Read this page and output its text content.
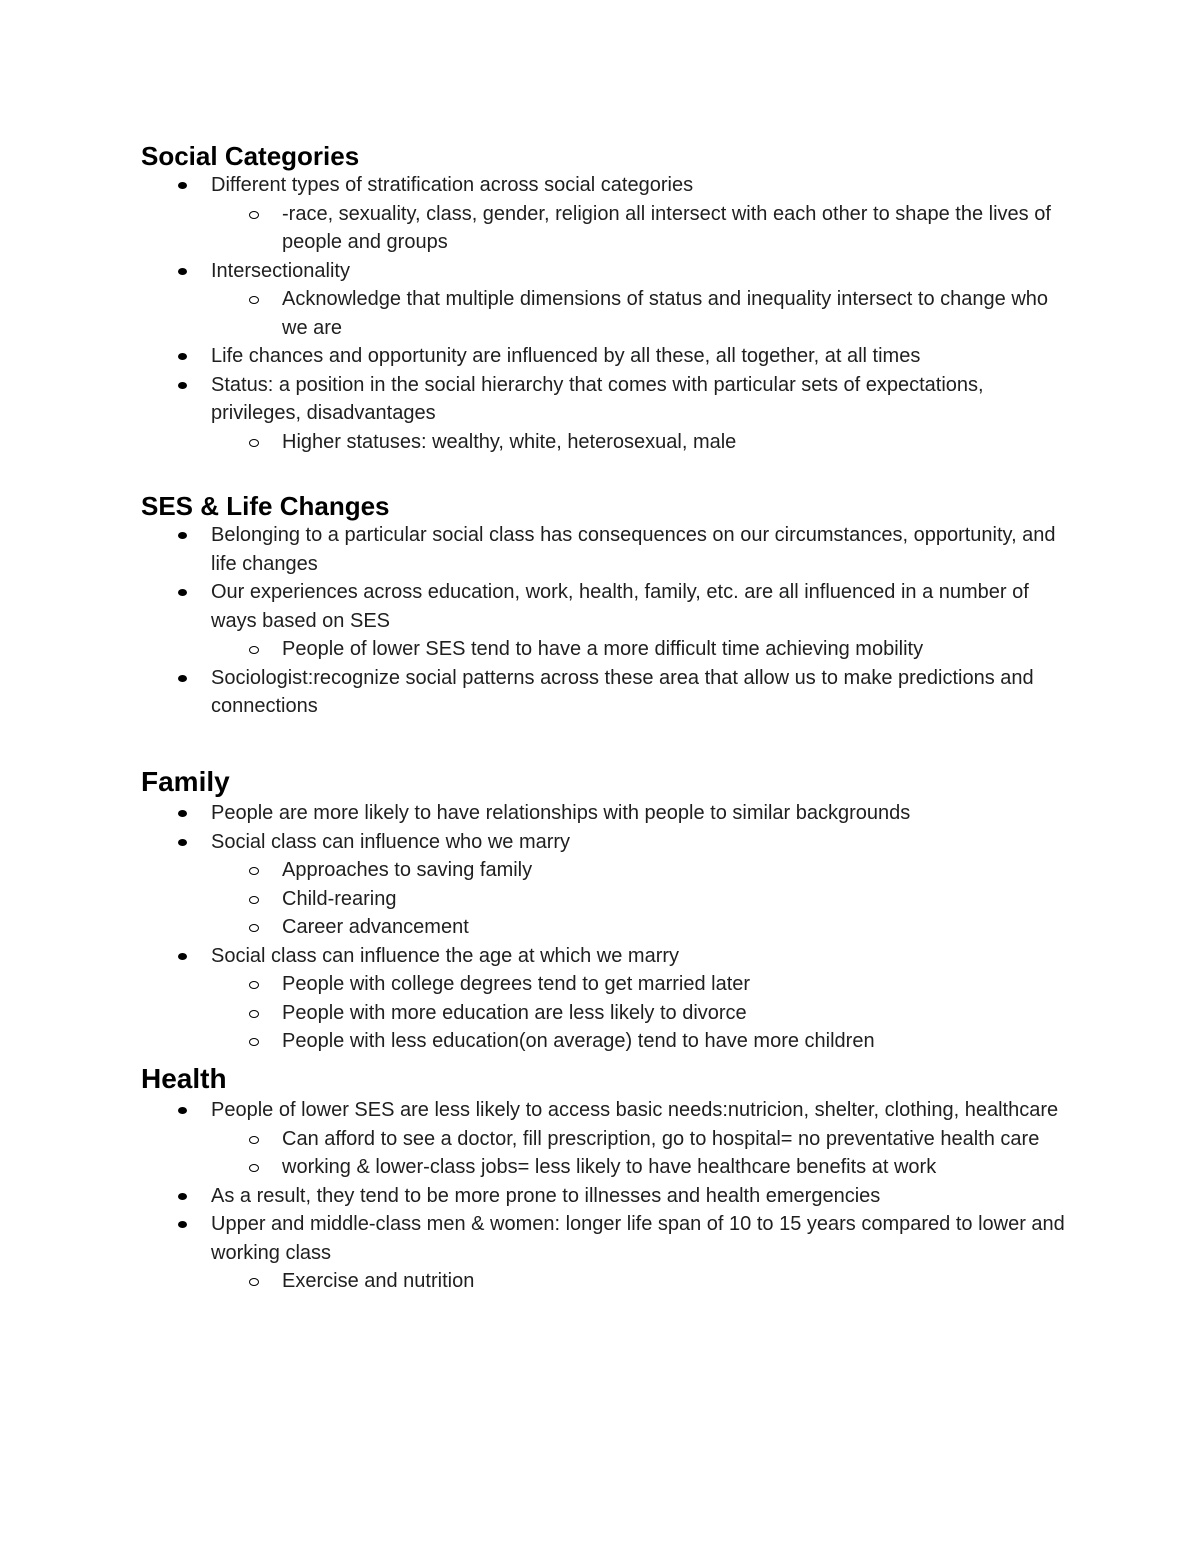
Social Categories
Different types of stratification across social categories
-race, sexuality, class, gender, religion all intersect with each other to shape the lives of people and groups
Intersectionality
Acknowledge that multiple dimensions of status and inequality intersect to change who we are
Life chances and opportunity are influenced by all these, all together, at all times
Status: a position in the social hierarchy that comes with particular sets of expectations, privileges, disadvantages
Higher statuses: wealthy, white, heterosexual, male
SES & Life Changes
Belonging to a particular social class has consequences on our circumstances, opportunity, and life changes
Our experiences across education, work, health, family, etc. are all influenced in a number of ways based on SES
People of lower SES tend to have a more difficult time achieving mobility
Sociologist:recognize social patterns across these area that allow us to make predictions and connections
Family
People are more likely to have relationships with people to similar backgrounds
Social class can influence who we marry
Approaches to saving family
Child-rearing
Career advancement
Social class can influence the age at which we marry
People with college degrees tend to get married later
People with more education are less likely to divorce
People with less education(on average) tend to have more children
Health
People of lower SES are less likely to access basic needs:nutricion, shelter, clothing, healthcare
Can afford to see a doctor, fill prescription, go to hospital= no preventative health care
working & lower-class jobs= less likely to have healthcare benefits at work
As a result, they tend to be more prone to illnesses and health emergencies
Upper and middle-class men & women: longer life span of 10 to 15 years compared to lower and working class
Exercise and nutrition
